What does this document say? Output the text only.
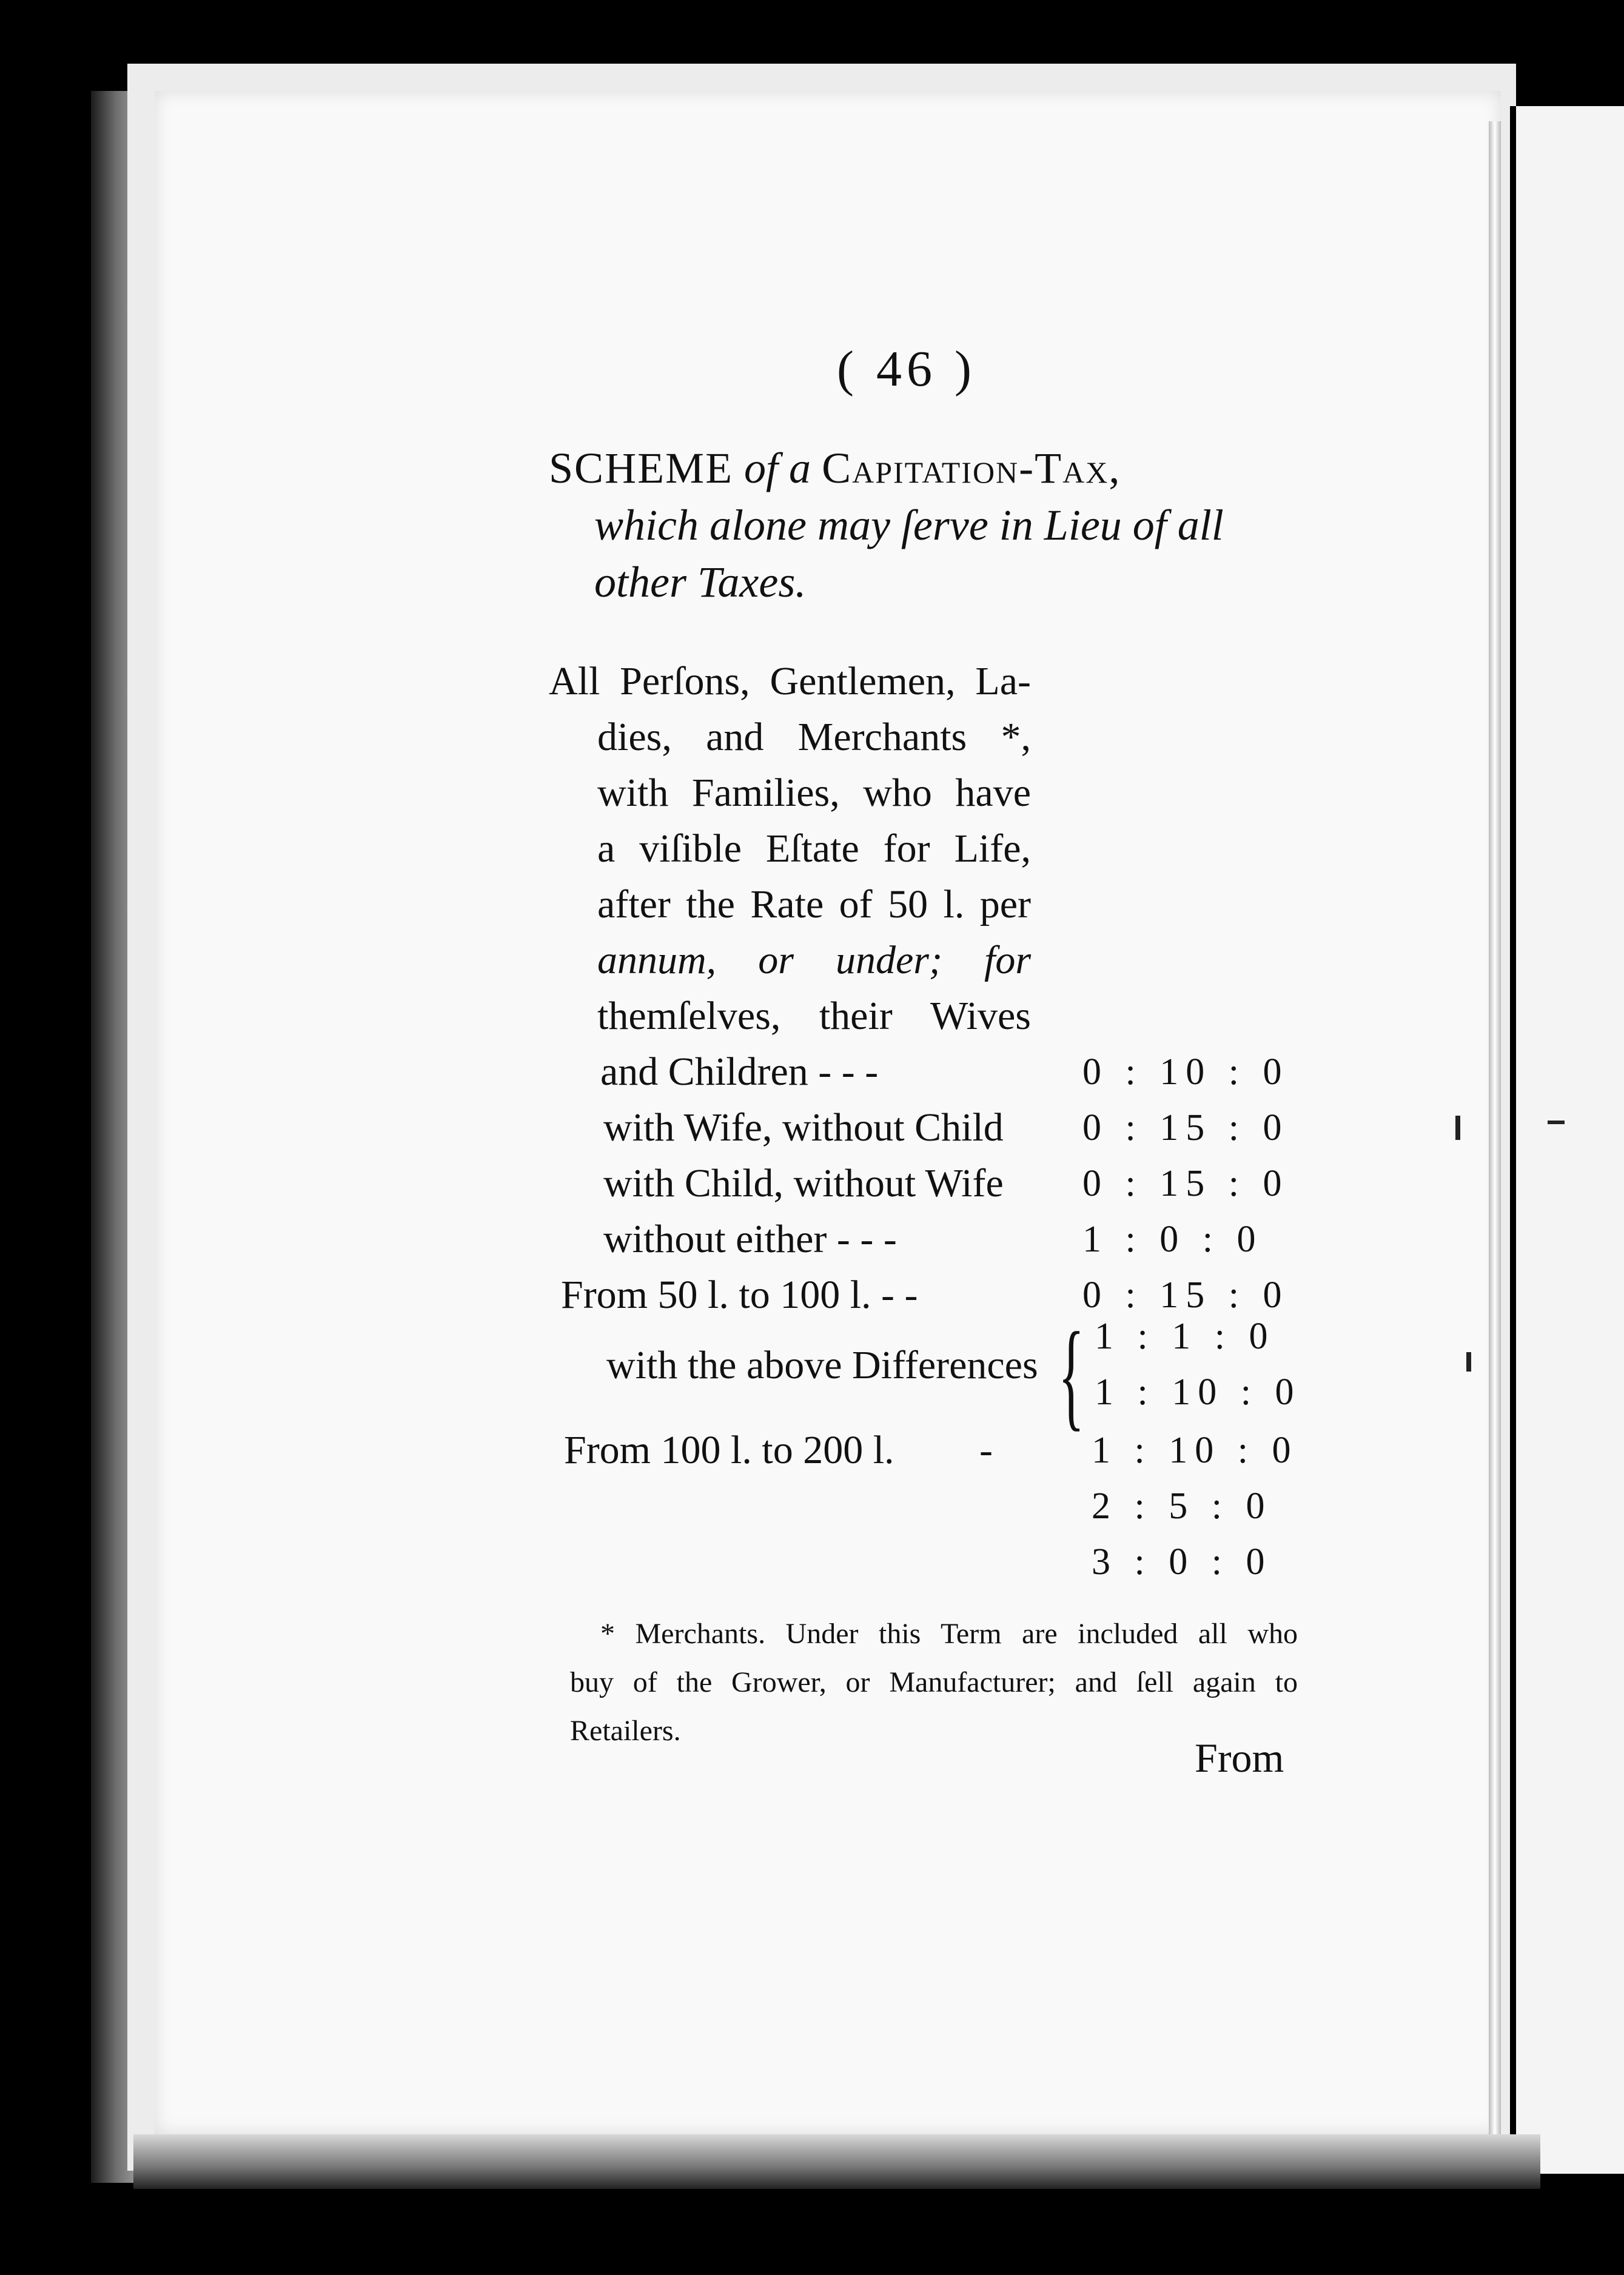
( 46 )
SCHEME of a Capitation-Tax,
which alone may ſerve in Lieu of all
other Taxes.
All Perſons, Gentlemen, La-
dies, and Merchants *,
with Families, who have
a viſible Eſtate for Life,
after the Rate of 50 l. per
annum, or under; for
themſelves, their Wives
and Children - - -	0 : 10 : 0
with Wife, without Child 0 : 15 : 0
with Child, without Wife 0 : 15 : 0
without either - - -	1 : 0 : 0
From 50 l. to 100 l. - -	0 : 15 : 0
with the above Differences { 1 : 1 : 0
1 : 10 : 0
From 100 l. to 200 l. -	1 : 10 : 0
2 : 5 : 0
3 : 0 : 0
* Merchants. Under this Term are included all who
buy of the Grower, or Manufacturer; and ſell again to
Retailers.
From
